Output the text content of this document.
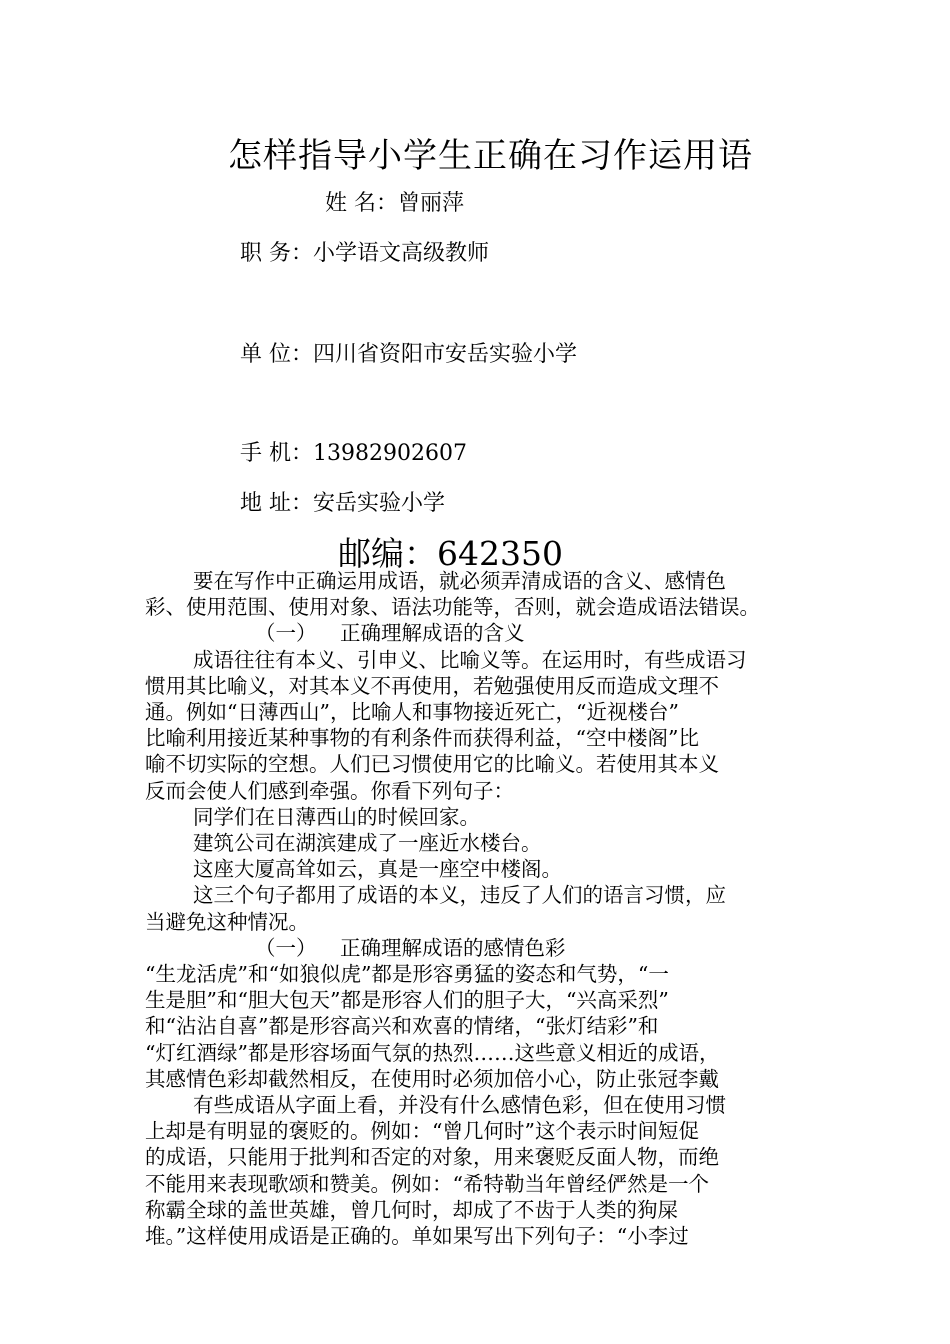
怎样指导小学生正确在习作运用语
姓 名：曾丽萍
职 务：小学语文高级教师
单 位：四川省资阳市安岳实验小学
手 机：13982902607
地 址：安岳实验小学
邮编：642350

要在写作中正确运用成语，就必须弄清成语的含义、感情色

彩、使用范围、使用对象、语法功能等，否则，就会造成语法错误。

（一） 正确理解成语的含义

成语往往有本义、引申义、比喻义等。在运用时，有些成语习

惯用其比喻义，对其本义不再使用，若勉强使用反而造成文理不

通。例如“日薄西山”，比喻人和事物接近死亡，“近视楼台”

比喻利用接近某种事物的有利条件而获得利益，“空中楼阁”比

喻不切实际的空想。人们已习惯使用它的比喻义。若使用其本义

反而会使人们感到牵强。你看下列句子：

同学们在日薄西山的时候回家。

建筑公司在湖滨建成了一座近水楼台。

这座大厦高耸如云，真是一座空中楼阁。

这三个句子都用了成语的本义，违反了人们的语言习惯，应

当避免这种情况。

（一） 正确理解成语的感情色彩

“生龙活虎”和“如狼似虎”都是形容勇猛的姿态和气势，“一

生是胆”和“胆大包天”都是形容人们的胆子大，“兴高采烈”

和“沾沾自喜”都是形容高兴和欢喜的情绪，“张灯结彩”和

“灯红酒绿”都是形容场面气氛的热烈……这些意义相近的成语，

其感情色彩却截然相反，在使用时必须加倍小心，防止张冠李戴

有些成语从字面上看，并没有什么感情色彩，但在使用习惯

上却是有明显的褒贬的。例如：“曾几何时”这个表示时间短促

的成语，只能用于批判和否定的对象，用来褒贬反面人物，而绝

不能用来表现歌颂和赞美。例如：“希特勒当年曾经俨然是一个

称霸全球的盖世英雄，曾几何时，却成了不齿于人类的狗屎

堆。”这样使用成语是正确的。单如果写出下列句子：“小李过
